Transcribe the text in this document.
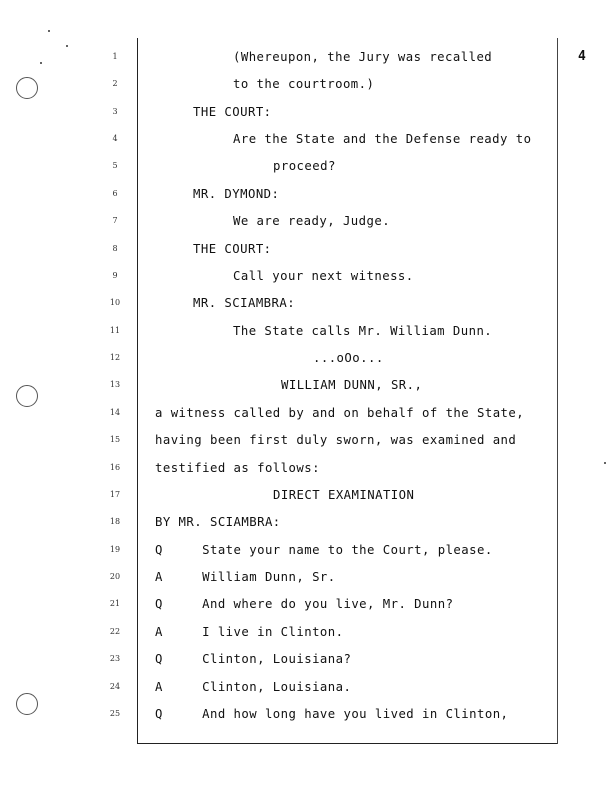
4
1	(Whereupon, the Jury was recalled
2	to the courtroom.)
3	THE COURT:
4	Are the State and the Defense ready to
5	proceed?
6	MR. DYMOND:
7	We are ready, Judge.
8	THE COURT:
9	Call your next witness.
10	MR. SCIAMBRA:
11	The State calls Mr. William Dunn.
12	...oOo...
13	WILLIAM DUNN, SR.,
14	a witness called by and on behalf of the State,
15	having been first duly sworn, was examined and
16	testified as follows:
17	DIRECT EXAMINATION
18	BY MR. SCIAMBRA:
19	Q     State your name to the Court, please.
20	A     William Dunn, Sr.
21	Q     And where do you live, Mr. Dunn?
22	A     I live in Clinton.
23	Q     Clinton, Louisiana?
24	A     Clinton, Louisiana.
25	Q     And how long have you lived in Clinton,
